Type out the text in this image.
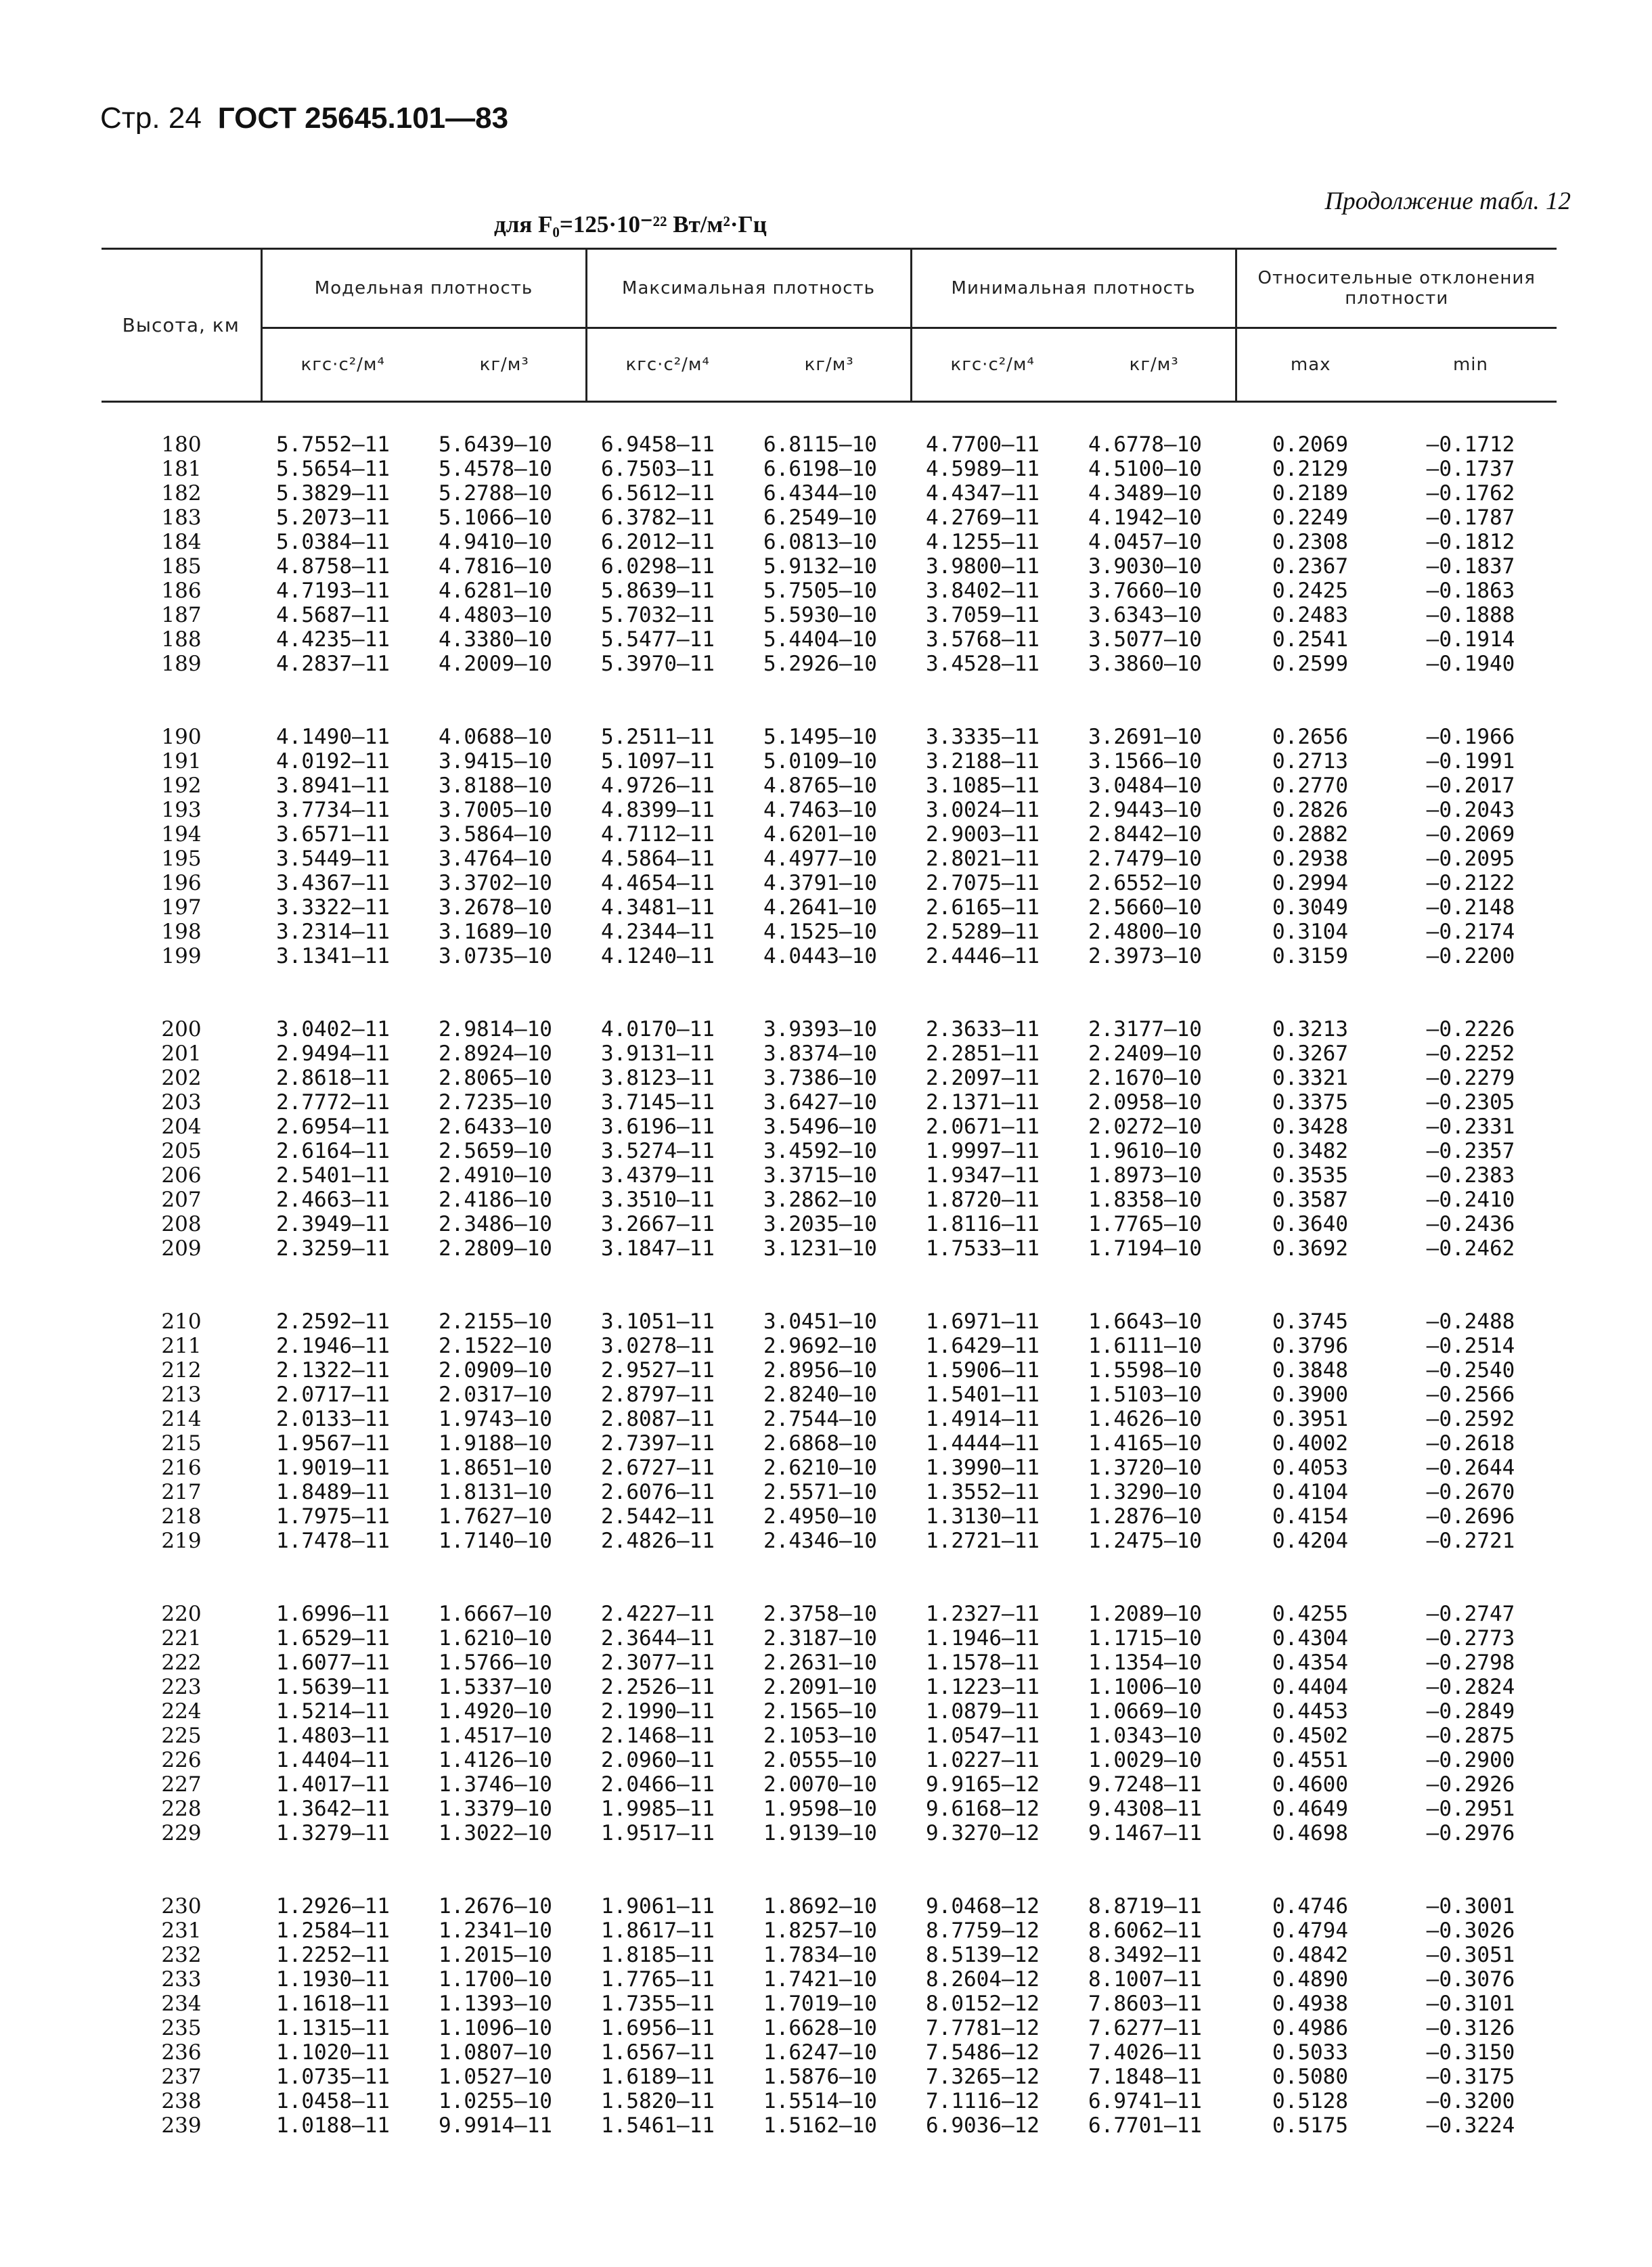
Стр. 24 ГОСТ 25645.101—83
Продолжение табл. 12
для F₀=125·10⁻²² Вт/м²·Гц
Высота, км	Модельная плотность		Максимальная плотность		Минимальная плотность		Относительные отклонения плотности	
	кгс·с²/м⁴	кг/м³	кгс·с²/м⁴	кг/м³	кгс·с²/м⁴	кг/м³	max	min

180	5.7552—11	5.6439—10	6.9458—11	6.8115—10	4.7700—11	4.6778—10	0.2069	—0.1712
181	5.5654—11	5.4578—10	6.7503—11	6.6198—10	4.5989—11	4.5100—10	0.2129	—0.1737
182	5.3829—11	5.2788—10	6.5612—11	6.4344—10	4.4347—11	4.3489—10	0.2189	—0.1762
183	5.2073—11	5.1066—10	6.3782—11	6.2549—10	4.2769—11	4.1942—10	0.2249	—0.1787
184	5.0384—11	4.9410—10	6.2012—11	6.0813—10	4.1255—11	4.0457—10	0.2308	—0.1812
185	4.8758—11	4.7816—10	6.0298—11	5.9132—10	3.9800—11	3.9030—10	0.2367	—0.1837
186	4.7193—11	4.6281—10	5.8639—11	5.7505—10	3.8402—11	3.7660—10	0.2425	—0.1863
187	4.5687—11	4.4803—10	5.7032—11	5.5930—10	3.7059—11	3.6343—10	0.2483	—0.1888
188	4.4235—11	4.3380—10	5.5477—11	5.4404—10	3.5768—11	3.5077—10	0.2541	—0.1914
189	4.2837—11	4.2009—10	5.3970—11	5.2926—10	3.4528—11	3.3860—10	0.2599	—0.1940

190	4.1490—11	4.0688—10	5.2511—11	5.1495—10	3.3335—11	3.2691—10	0.2656	—0.1966
191	4.0192—11	3.9415—10	5.1097—11	5.0109—10	3.2188—11	3.1566—10	0.2713	—0.1991
192	3.8941—11	3.8188—10	4.9726—11	4.8765—10	3.1085—11	3.0484—10	0.2770	—0.2017
193	3.7734—11	3.7005—10	4.8399—11	4.7463—10	3.0024—11	2.9443—10	0.2826	—0.2043
194	3.6571—11	3.5864—10	4.7112—11	4.6201—10	2.9003—11	2.8442—10	0.2882	—0.2069
195	3.5449—11	3.4764—10	4.5864—11	4.4977—10	2.8021—11	2.7479—10	0.2938	—0.2095
196	3.4367—11	3.3702—10	4.4654—11	4.3791—10	2.7075—11	2.6552—10	0.2994	—0.2122
197	3.3322—11	3.2678—10	4.3481—11	4.2641—10	2.6165—11	2.5660—10	0.3049	—0.2148
198	3.2314—11	3.1689—10	4.2344—11	4.1525—10	2.5289—11	2.4800—10	0.3104	—0.2174
199	3.1341—11	3.0735—10	4.1240—11	4.0443—10	2.4446—11	2.3973—10	0.3159	—0.2200

200	3.0402—11	2.9814—10	4.0170—11	3.9393—10	2.3633—11	2.3177—10	0.3213	—0.2226
201	2.9494—11	2.8924—10	3.9131—11	3.8374—10	2.2851—11	2.2409—10	0.3267	—0.2252
202	2.8618—11	2.8065—10	3.8123—11	3.7386—10	2.2097—11	2.1670—10	0.3321	—0.2279
203	2.7772—11	2.7235—10	3.7145—11	3.6427—10	2.1371—11	2.0958—10	0.3375	—0.2305
204	2.6954—11	2.6433—10	3.6196—11	3.5496—10	2.0671—11	2.0272—10	0.3428	—0.2331
205	2.6164—11	2.5659—10	3.5274—11	3.4592—10	1.9997—11	1.9610—10	0.3482	—0.2357
206	2.5401—11	2.4910—10	3.4379—11	3.3715—10	1.9347—11	1.8973—10	0.3535	—0.2383
207	2.4663—11	2.4186—10	3.3510—11	3.2862—10	1.8720—11	1.8358—10	0.3587	—0.2410
208	2.3949—11	2.3486—10	3.2667—11	3.2035—10	1.8116—11	1.7765—10	0.3640	—0.2436
209	2.3259—11	2.2809—10	3.1847—11	3.1231—10	1.7533—11	1.7194—10	0.3692	—0.2462

210	2.2592—11	2.2155—10	3.1051—11	3.0451—10	1.6971—11	1.6643—10	0.3745	—0.2488
211	2.1946—11	2.1522—10	3.0278—11	2.9692—10	1.6429—11	1.6111—10	0.3796	—0.2514
212	2.1322—11	2.0909—10	2.9527—11	2.8956—10	1.5906—11	1.5598—10	0.3848	—0.2540
213	2.0717—11	2.0317—10	2.8797—11	2.8240—10	1.5401—11	1.5103—10	0.3900	—0.2566
214	2.0133—11	1.9743—10	2.8087—11	2.7544—10	1.4914—11	1.4626—10	0.3951	—0.2592
215	1.9567—11	1.9188—10	2.7397—11	2.6868—10	1.4444—11	1.4165—10	0.4002	—0.2618
216	1.9019—11	1.8651—10	2.6727—11	2.6210—10	1.3990—11	1.3720—10	0.4053	—0.2644
217	1.8489—11	1.8131—10	2.6076—11	2.5571—10	1.3552—11	1.3290—10	0.4104	—0.2670
218	1.7975—11	1.7627—10	2.5442—11	2.4950—10	1.3130—11	1.2876—10	0.4154	—0.2696
219	1.7478—11	1.7140—10	2.4826—11	2.4346—10	1.2721—11	1.2475—10	0.4204	—0.2721

220	1.6996—11	1.6667—10	2.4227—11	2.3758—10	1.2327—11	1.2089—10	0.4255	—0.2747
221	1.6529—11	1.6210—10	2.3644—11	2.3187—10	1.1946—11	1.1715—10	0.4304	—0.2773
222	1.6077—11	1.5766—10	2.3077—11	2.2631—10	1.1578—11	1.1354—10	0.4354	—0.2798
223	1.5639—11	1.5337—10	2.2526—11	2.2091—10	1.1223—11	1.1006—10	0.4404	—0.2824
224	1.5214—11	1.4920—10	2.1990—11	2.1565—10	1.0879—11	1.0669—10	0.4453	—0.2849
225	1.4803—11	1.4517—10	2.1468—11	2.1053—10	1.0547—11	1.0343—10	0.4502	—0.2875
226	1.4404—11	1.4126—10	2.0960—11	2.0555—10	1.0227—11	1.0029—10	0.4551	—0.2900
227	1.4017—11	1.3746—10	2.0466—11	2.0070—10	9.9165—12	9.7248—11	0.4600	—0.2926
228	1.3642—11	1.3379—10	1.9985—11	1.9598—10	9.6168—12	9.4308—11	0.4649	—0.2951
229	1.3279—11	1.3022—10	1.9517—11	1.9139—10	9.3270—12	9.1467—11	0.4698	—0.2976

230	1.2926—11	1.2676—10	1.9061—11	1.8692—10	9.0468—12	8.8719—11	0.4746	—0.3001
231	1.2584—11	1.2341—10	1.8617—11	1.8257—10	8.7759—12	8.6062—11	0.4794	—0.3026
232	1.2252—11	1.2015—10	1.8185—11	1.7834—10	8.5139—12	8.3492—11	0.4842	—0.3051
233	1.1930—11	1.1700—10	1.7765—11	1.7421—10	8.2604—12	8.1007—11	0.4890	—0.3076
234	1.1618—11	1.1393—10	1.7355—11	1.7019—10	8.0152—12	7.8603—11	0.4938	—0.3101
235	1.1315—11	1.1096—10	1.6956—11	1.6628—10	7.7781—12	7.6277—11	0.4986	—0.3126
236	1.1020—11	1.0807—10	1.6567—11	1.6247—10	7.5486—12	7.4026—11	0.5033	—0.3150
237	1.0735—11	1.0527—10	1.6189—11	1.5876—10	7.3265—12	7.1848—11	0.5080	—0.3175
238	1.0458—11	1.0255—10	1.5820—11	1.5514—10	7.1116—12	6.9741—11	0.5128	—0.3200
239	1.0188—11	9.9914—11	1.5461—11	1.5162—10	6.9036—12	6.7701—11	0.5175	—0.3224
